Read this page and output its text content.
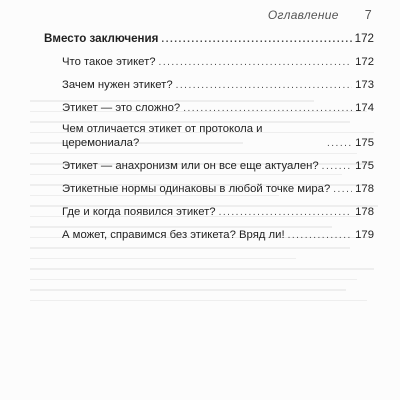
Оглавление 7
Вместо заключения .....	172
Что такое этикет? .....	172
Зачем нужен этикет? .....	173
Этикет — это сложно? .....	174
Чем отличается этикет от протокола и церемониала? .....	175
Этикет — анахронизм или он все еще актуален? .....	175
Этикетные нормы одинаковы в любой точке мира? ..... 178
Где и когда появился этикет? .....	178
А может, справимся без этикета? Вряд ли! .....	179
